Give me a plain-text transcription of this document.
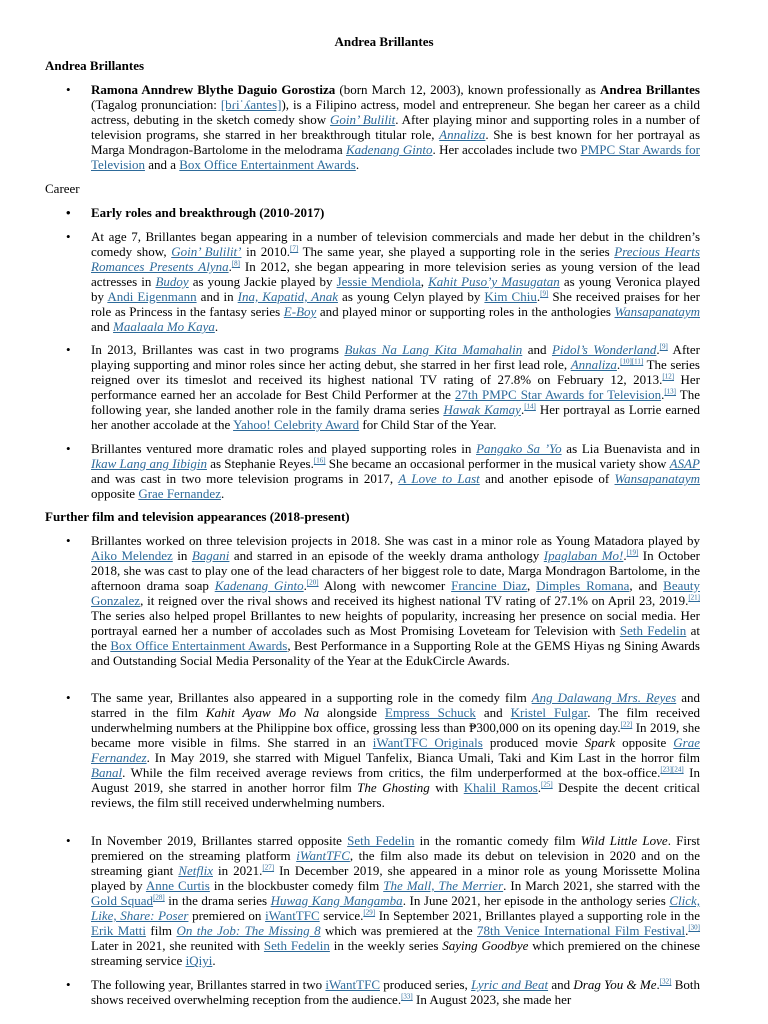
Andrea Brillantes
Andrea Brillantes
• Ramona Anndrew Blythe Daguio Gorostiza (born March 12, 2003), known professionally as Andrea Brillantes (Tagalog pronunciation: [bɾiˈʎantes]), is a Filipino actress, model and entrepreneur. She began her career as a child actress, debuting in the sketch comedy show Goin’ Bulilit. After playing minor and supporting roles in a number of television programs, she starred in her breakthrough titular role, Annaliza. She is best known for her portrayal as Marga Mondragon-Bartolome in the melodrama Kadenang Ginto. Her accolades include two PMPC Star Awards for Television and a Box Office Entertainment Awards.
Career
• Early roles and breakthrough (2010-2017)
• At age 7, Brillantes began appearing in a number of television commercials and made her debut in the children’s comedy show, Goin’ Bulilit’ in 2010.[7] The same year, she played a supporting role in the series Precious Hearts Romances Presents Alyna.[8] In 2012, she began appearing in more television series as young version of the lead actresses in Budoy as young Jackie played by Jessie Mendiola, Kahit Puso’y Masugatan as young Veronica played by Andi Eigenmann and in Ina, Kapatid, Anak as young Celyn played by Kim Chiu.[9] She received praises for her role as Princess in the fantasy series E-Boy and played minor or supporting roles in the anthologies Wansapanataym and Maalaala Mo Kaya.
• In 2013, Brillantes was cast in two programs Bukas Na Lang Kita Mamahalin and Pidol’s Wonderland.[9] After playing supporting and minor roles since her acting debut, she starred in her first lead role, Annaliza.[10][11] The series reigned over its timeslot and received its highest national TV rating of 27.8% on February 12, 2013.[12] Her performance earned her an accolade for Best Child Performer at the 27th PMPC Star Awards for Television.[13] The following year, she landed another role in the family drama series Hawak Kamay.[14] Her portrayal as Lorrie earned her another accolade at the Yahoo! Celebrity Award for Child Star of the Year.
• Brillantes ventured more dramatic roles and played supporting roles in Pangako Sa ’Yo as Lia Buenavista and in Ikaw Lang ang Iibigin as Stephanie Reyes.[16] She became an occasional performer in the musical variety show ASAP and was cast in two more television programs in 2017, A Love to Last and another episode of Wansapanataym opposite Grae Fernandez.
Further film and television appearances (2018-present)
• Brillantes worked on three television projects in 2018. She was cast in a minor role as Young Matadora played by Aiko Melendez in Bagani and starred in an episode of the weekly drama anthology Ipaglaban Mo!.[19] In October 2018, she was cast to play one of the lead characters of her biggest role to date, Marga Mondragon Bartolome, in the afternoon drama soap Kadenang Ginto.[20] Along with newcomer Francine Diaz, Dimples Romana, and Beauty Gonzalez, it reigned over the rival shows and received its highest national TV rating of 27.1% on April 23, 2019.[21] The series also helped propel Brillantes to new heights of popularity, increasing her presence on social media. Her portrayal earned her a number of accolades such as Most Promising Loveteam for Television with Seth Fedelin at the Box Office Entertainment Awards, Best Performance in a Supporting Role at the GEMS Hiyas ng Sining Awards and Outstanding Social Media Personality of the Year at the EdukCircle Awards.
• The same year, Brillantes also appeared in a supporting role in the comedy film Ang Dalawang Mrs. Reyes and starred in the film Kahit Ayaw Mo Na alongside Empress Schuck and Kristel Fulgar. The film received underwhelming numbers at the Philippine box office, grossing less than ₱300,000 on its opening day.[22] In 2019, she became more visible in films. She starred in an iWantTFC Originals produced movie Spark opposite Grae Fernandez. In May 2019, she starred with Miguel Tanfelix, Bianca Umali, Taki and Kim Last in the horror film Banal. While the film received average reviews from critics, the film underperformed at the box-office.[23][24] In August 2019, she starred in another horror film The Ghosting with Khalil Ramos.[25] Despite the decent critical reviews, the film still received underwhelming numbers.
• In November 2019, Brillantes starred opposite Seth Fedelin in the romantic comedy film Wild Little Love. First premiered on the streaming platform iWantTFC, the film also made its debut on television in 2020 and on the streaming giant Netflix in 2021.[27] In December 2019, she appeared in a minor role as young Morissette Molina played by Anne Curtis in the blockbuster comedy film The Mall, The Merrier. In March 2021, she starred with the Gold Squad[28] in the drama series Huwag Kang Mangamba. In June 2021, her episode in the anthology series Click, Like, Share: Poser premiered on iWantTFC service.[29] In September 2021, Brillantes played a supporting role in the Erik Matti film On the Job: The Missing 8 which was premiered at the 78th Venice International Film Festival.[30] Later in 2021, she reunited with Seth Fedelin in the weekly series Saying Goodbye which premiered on the chinese streaming service iQiyi.
• The following year, Brillantes starred in two iWantTFC produced series, Lyric and Beat and Drag You & Me.[32] Both shows received overwhelming reception from the audience.[33] In August 2023, she made her
